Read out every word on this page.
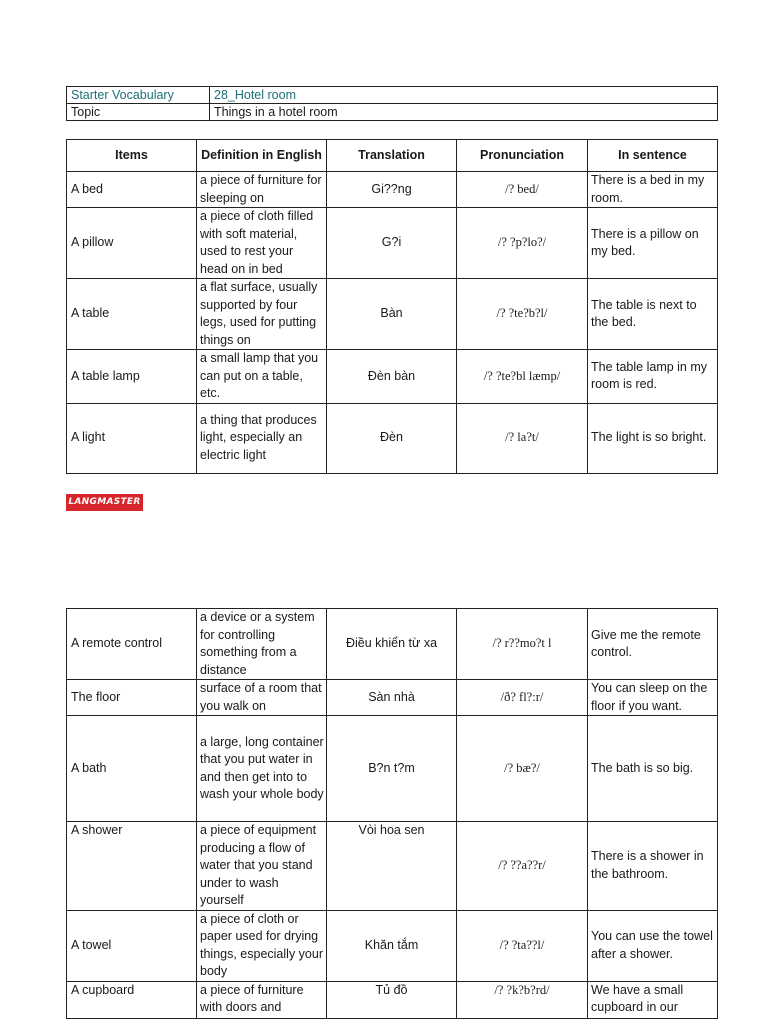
Starter Vocabulary	28_Hotel room
Topic	Things in a hotel room
Items	Definition in English	Translation	Pronunciation	In sentence
A bed	a piece of furniture for sleeping on	Gi??ng	/? bed/	There is a bed in my room.
A pillow	a piece of cloth filled with soft material, used to rest your head on in bed	G?i	/? ?p?lo?/	There is a pillow on my bed.
A table	a flat surface, usually supported by four legs, used for putting things on	Bàn	/? ?te?b?l/	The table is next to the bed.
A table lamp	a small lamp that you can put on a table, etc.	Đèn bàn	/? ?te?bl læmp/	The table lamp in my room is red.
A light	a thing that produces light, especially an electric light	Đèn	/? la?t/	The light is so bright.
LANGMASTER
A remote control	a device or a system for controlling something from a distance	Điều khiển từ xa	/? r??mo?t l	Give me the remote control.
The floor	surface of a room that you walk on	Sàn nhà	/ð? fl?:r/	You can sleep on the floor if you want.
A bath	a large, long container that you put water in and then get into to wash your whole body	B?n t?m	/? bæ?/	The bath is so big.
A shower	a piece of equipment producing a flow of water that you stand under to wash yourself	Vòi hoa sen	/? ??a??r/	There is a shower in the bathroom.
A towel	a piece of cloth or paper used for drying things, especially your body	Khăn tắm	/? ?ta??l/	You can use the towel after a shower.
A cupboard	a piece of furniture with doors and	Tủ đồ	/? ?k?b?rd/	We have a small cupboard in our
